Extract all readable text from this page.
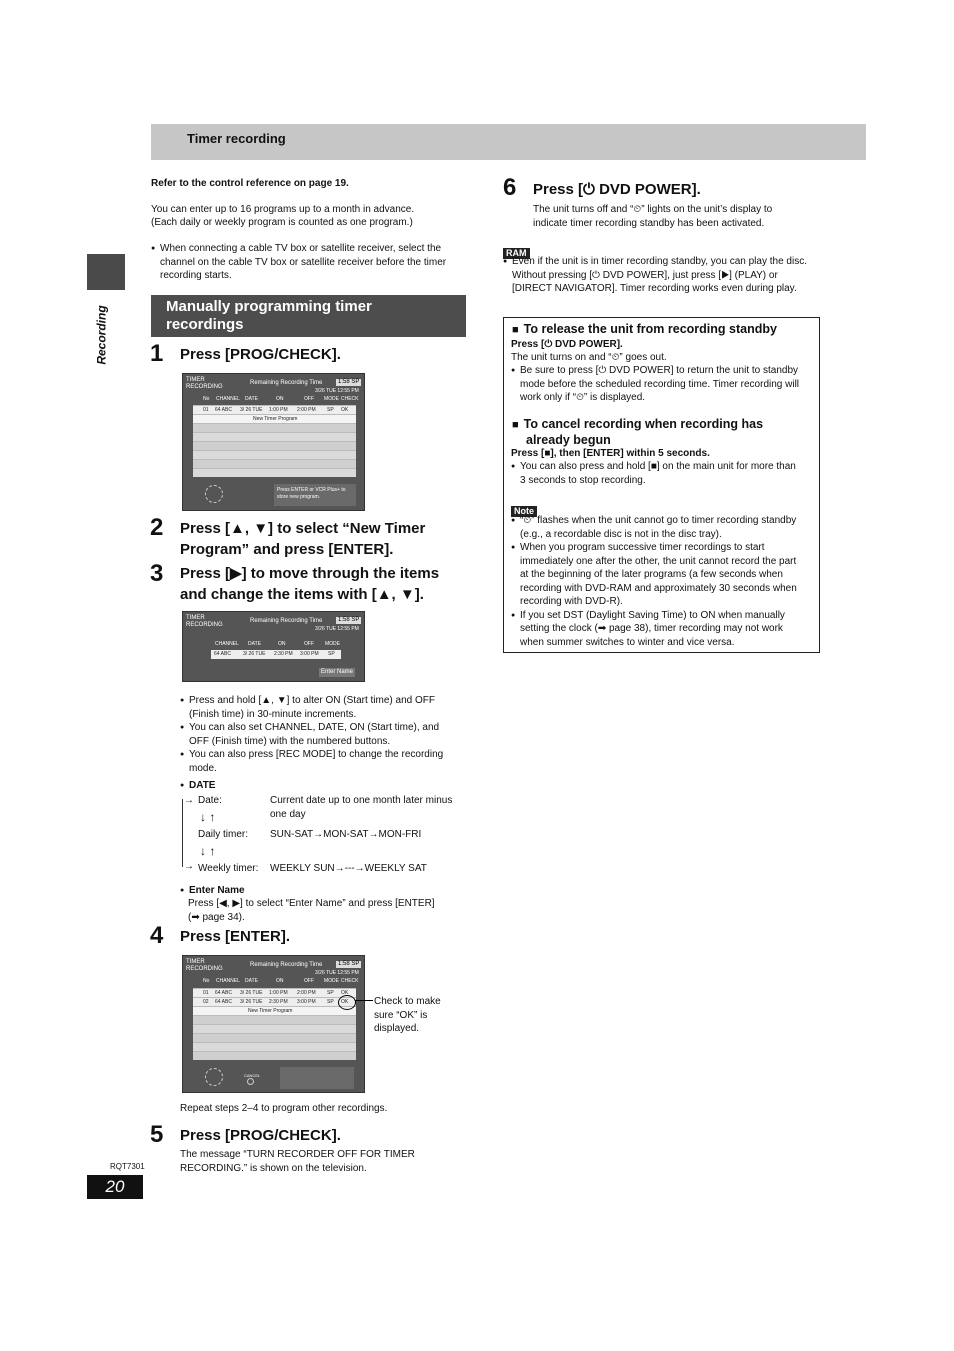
Timer recording
Recording
Refer to the control reference on page 19.
You can enter up to 16 programs up to a month in advance.
(Each daily or weekly program is counted as one program.)

● When connecting a cable TV box or satellite receiver, select the
channel on the cable TV box or satellite receiver before the timer
recording starts.

Manually programming timer
recordings
1 Press [PROG/CHECK].
TIMER
RECORDING
Remaining Recording Time	1:58 SP
3/26 TUE 12:55 PM
No CHANNEL DATE	ON	OFF MODE CHECK
01 64 ABC 3/ 26 TUE 1:00 PM 2:00 PM SP OK
New Timer Program
Press ENTER or VCR Plus+ to
store new program.
2 Press [▲, ▼] to select “New Timer
Program” and press [ENTER].
3 Press [▶] to move through the items
and change the items with [▲, ▼].
TIMER
RECORDING
Remaining Recording Time	1:58 SP
3/26 TUE 12:55 PM
CHANNEL DATE	ON	OFF MODE
64 ABC 3/ 26 TUE 2:30 PM 3:00 PM SP
Enter Name

● Press and hold [▲, ▼] to alter ON (Start time) and OFF
(Finish time) in 30-minute increments.

● You can also set CHANNEL, DATE, ON (Start time), and
OFF (Finish time) with the numbered buttons.

● You can also press [REC MODE] to change the recording
mode.

● DATE

→
→
Date:	Current date up to one month later minus
one day
↓ ↑
Daily timer: SUN-SAT→MON-SAT→MON-FRI
↓ ↑
Weekly timer: WEEKLY SUN→---→WEEKLY SAT

● Enter Name

Press [◀, ▶] to select “Enter Name” and press [ENTER]
(➡ page 34).
4 Press [ENTER].
TIMER
RECORDING
Remaining Recording Time	1:58 SP
3/26 TUE 12:55 PM
No CHANNEL DATE	ON	OFF MODE CHECK
01 64 ABC 3/ 26 TUE 1:00 PM 2:00 PM SP OK
02 64 ABC 3/ 26 TUE 2:30 PM 3:00 PM SP OK
New Timer Program
CANCEL
Check to make
sure “OK” is
displayed.
Repeat steps 2–4 to program other recordings.
5 Press [PROG/CHECK].
The message “TURN RECORDER OFF FOR TIMER
RECORDING.” is shown on the television.
6 Press [⏻ DVD POWER].
The unit turns off and “⏲” lights on the unit’s display to
indicate timer recording standby has been activated.
RAM

● Even if the unit is in timer recording standby, you can play the disc.
Without pressing [⏻ DVD POWER], just press [▶] (PLAY) or
[DIRECT NAVIGATOR]. Timer recording works even during play.

■ To release the unit from recording standby
Press [⏻ DVD POWER].
The unit turns on and “⏲” goes out.

● Be sure to press [⏻ DVD POWER] to return the unit to standby
mode before the scheduled recording time. Timer recording will
work only if “⏲” is displayed.

■ To cancel recording when recording has
already begun
Press [■], then [ENTER] within 5 seconds.

● You can also press and hold [■] on the main unit for more than
3 seconds to stop recording.

Note

● “⏲” flashes when the unit cannot go to timer recording standby
(e.g., a recordable disc is not in the disc tray).

● When you program successive timer recordings to start
immediately one after the other, the unit cannot record the part
at the beginning of the later programs (a few seconds when
recording with DVD-RAM and approximately 30 seconds when
recording with DVD-R).

● If you set DST (Daylight Saving Time) to ON when manually
setting the clock (➡ page 38), timer recording may not work
when summer switches to winter and vice versa.

RQT7301
20
